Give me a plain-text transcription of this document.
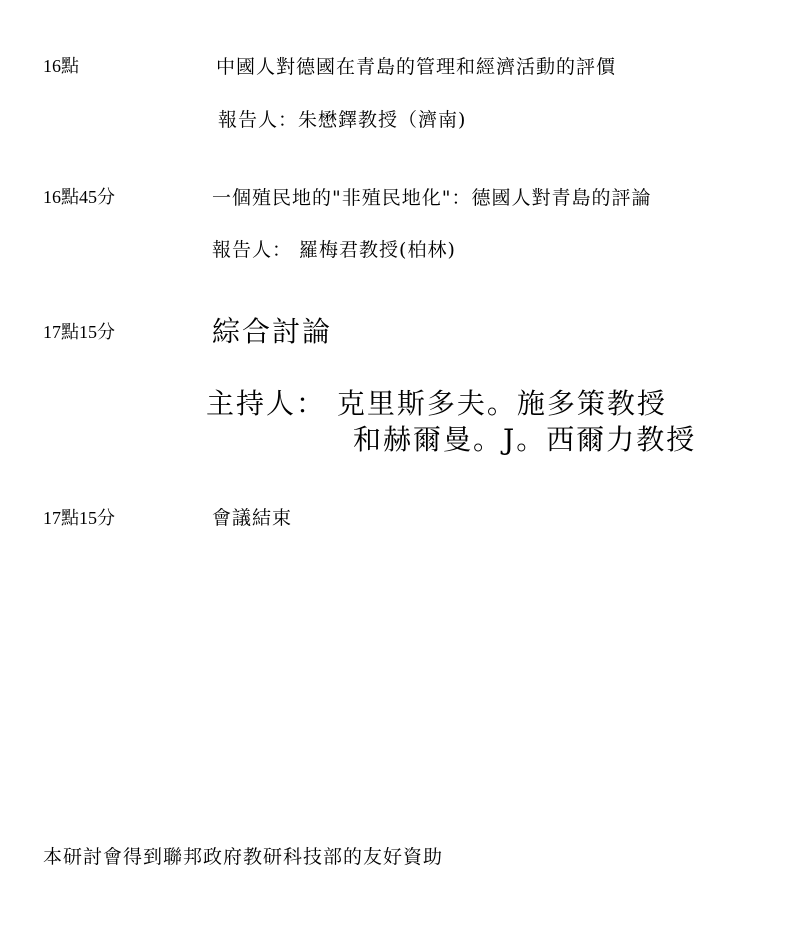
16點	中國人對德國在青島的管理和經濟活動的評價
報告人：朱懋鐸教授（濟南)
16點45分	一個殖民地的"非殖民地化"：德國人對青島的評論
報告人： 羅梅君教授(柏林)
17點15分	綜合討論
主持人： 克里斯多夫。施多策教授
和赫爾曼。J。西爾力教授
17點15分	會議結束
本研討會得到聯邦政府教研科技部的友好資助
